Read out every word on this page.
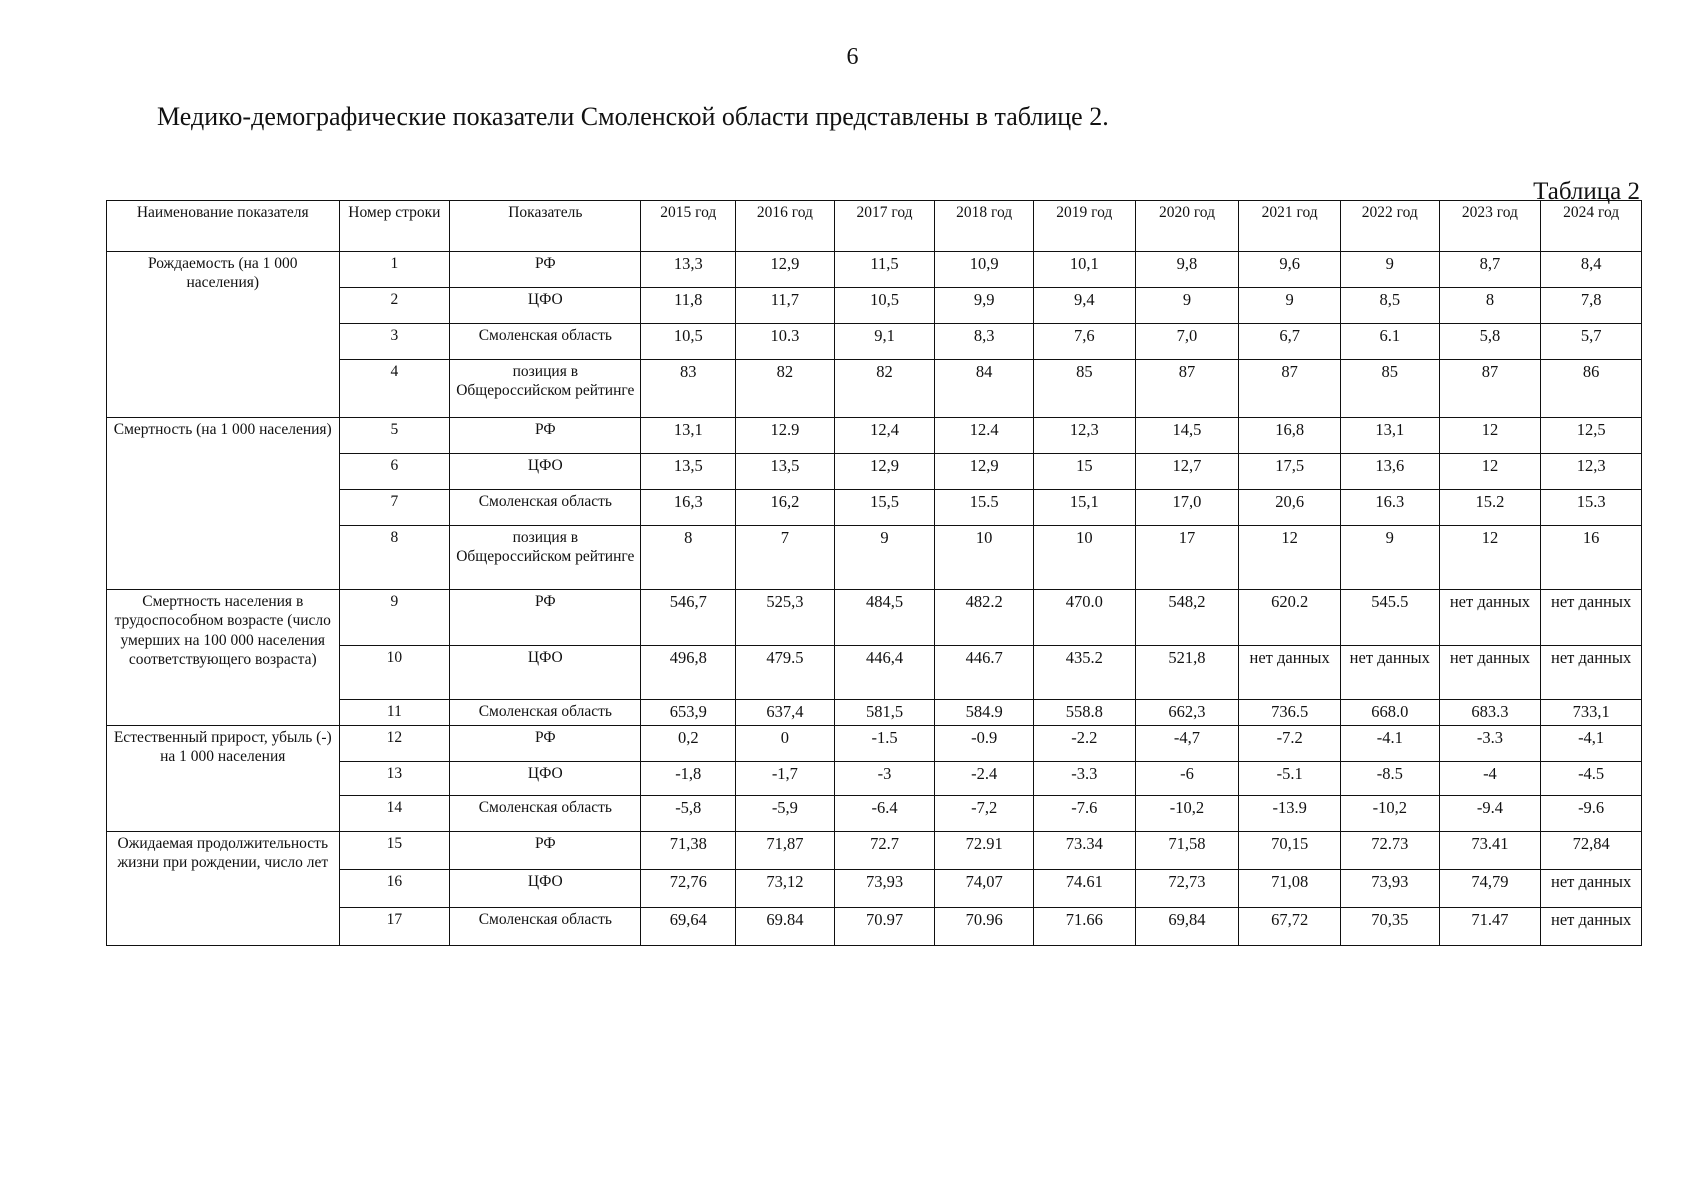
6
Медико-демографические показатели Смоленской области представлены в таблице 2.
Таблица 2
Наименование показателя	Номер строки	Показатель	2015 год	2016 год	2017 год	2018 год	2019 год	2020 год	2021 год	2022 год	2023 год	2024 год
Рождаемость (на 1 000 населения)	1	РФ	13,3	12,9	11,5	10,9	10,1	9,8	9,6	9	8,7	8,4
	2	ЦФО	11,8	11,7	10,5	9,9	9,4	9	9	8,5	8	7,8
	3	Смоленская область	10,5	10.3	9,1	8,3	7,6	7,0	6,7	6.1	5,8	5,7
	4	позиция в Общероссийском рейтинге	83	82	82	84	85	87	87	85	87	86
Смертность (на 1 000 населения)	5	РФ	13,1	12.9	12,4	12.4	12,3	14,5	16,8	13,1	12	12,5
	6	ЦФО	13,5	13,5	12,9	12,9	15	12,7	17,5	13,6	12	12,3
	7	Смоленская область	16,3	16,2	15,5	15.5	15,1	17,0	20,6	16.3	15.2	15.3
	8	позиция в Общероссийском рейтинге	8	7	9	10	10	17	12	9	12	16
Смертность населения в трудоспособном возрасте (число умерших на 100 000 населения соответствующего возраста)	9	РФ	546,7	525,3	484,5	482.2	470.0	548,2	620.2	545.5	нет данных	нет данных
	10	ЦФО	496,8	479.5	446,4	446.7	435.2	521,8	нет данных	нет данных	нет данных	нет данных
	11	Смоленская область	653,9	637,4	581,5	584.9	558.8	662,3	736.5	668.0	683.3	733,1
Естественный прирост, убыль (-) на 1 000 населения	12	РФ	0,2	0	-1.5	-0.9	-2.2	-4,7	-7.2	-4.1	-3.3	-4,1
	13	ЦФО	-1,8	-1,7	-3	-2.4	-3.3	-6	-5.1	-8.5	-4	-4.5
	14	Смоленская область	-5,8	-5,9	-6.4	-7,2	-7.6	-10,2	-13.9	-10,2	-9.4	-9.6
Ожидаемая продолжительность жизни при рождении, число лет	15	РФ	71,38	71,87	72.7	72.91	73.34	71,58	70,15	72.73	73.41	72,84
	16	ЦФО	72,76	73,12	73,93	74,07	74.61	72,73	71,08	73,93	74,79	нет данных
	17	Смоленская область	69,64	69.84	70.97	70.96	71.66	69,84	67,72	70,35	71.47	нет данных
